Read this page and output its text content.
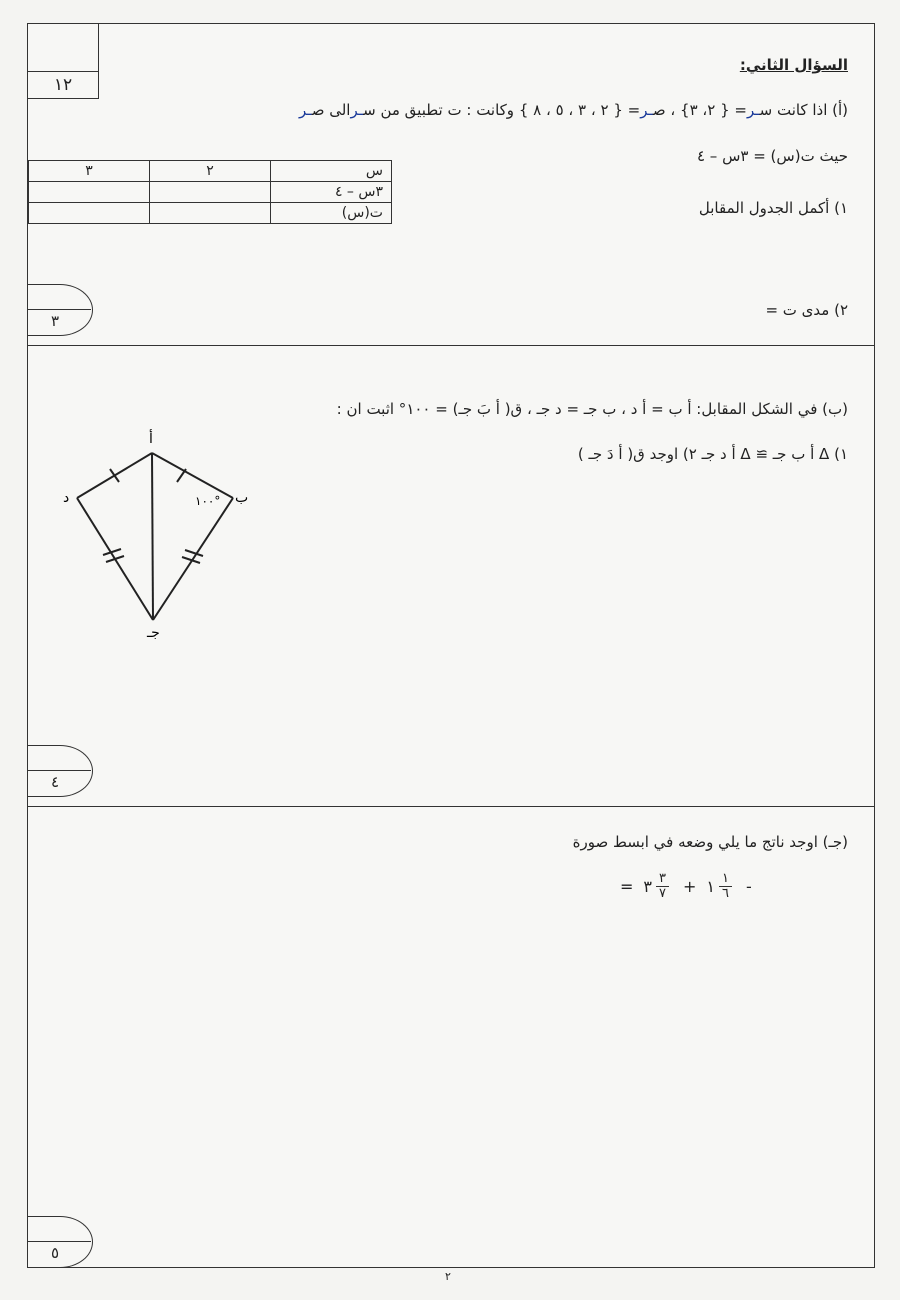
١٢
السؤال الثاني:
(أ) اذا كانت سـر= { ٢، ٣} ، صـر= { ٢ ، ٣ ، ٥ ، ٨ } وكانت : ت تطبيق من سـرالى صـر
حيث ت(س) = ٣س – ٤
١) أكمل الجدول المقابل
س	٢	٣
٣س – ٤		
ت(س)		
٢) مدى ت =
٣
(ب) في الشكل المقابل: أ ب = أ د ، ب جـ = د جـ ، ق( أ بَ جـ) = ١٠٠° اثبت ان :
١) Δ أ ب جـ ≅ Δ أ د جـ ٢) اوجد ق( أ دَ جـ )
أ
ب
جـ
د	١٠٠°
٤
(جـ) اوجد ناتج ما يلي وضعه في ابسط صورة
= ٣ $\frac{٣}{٧}$ + ١ $\frac{١}{٦}$ -
٥
٢
